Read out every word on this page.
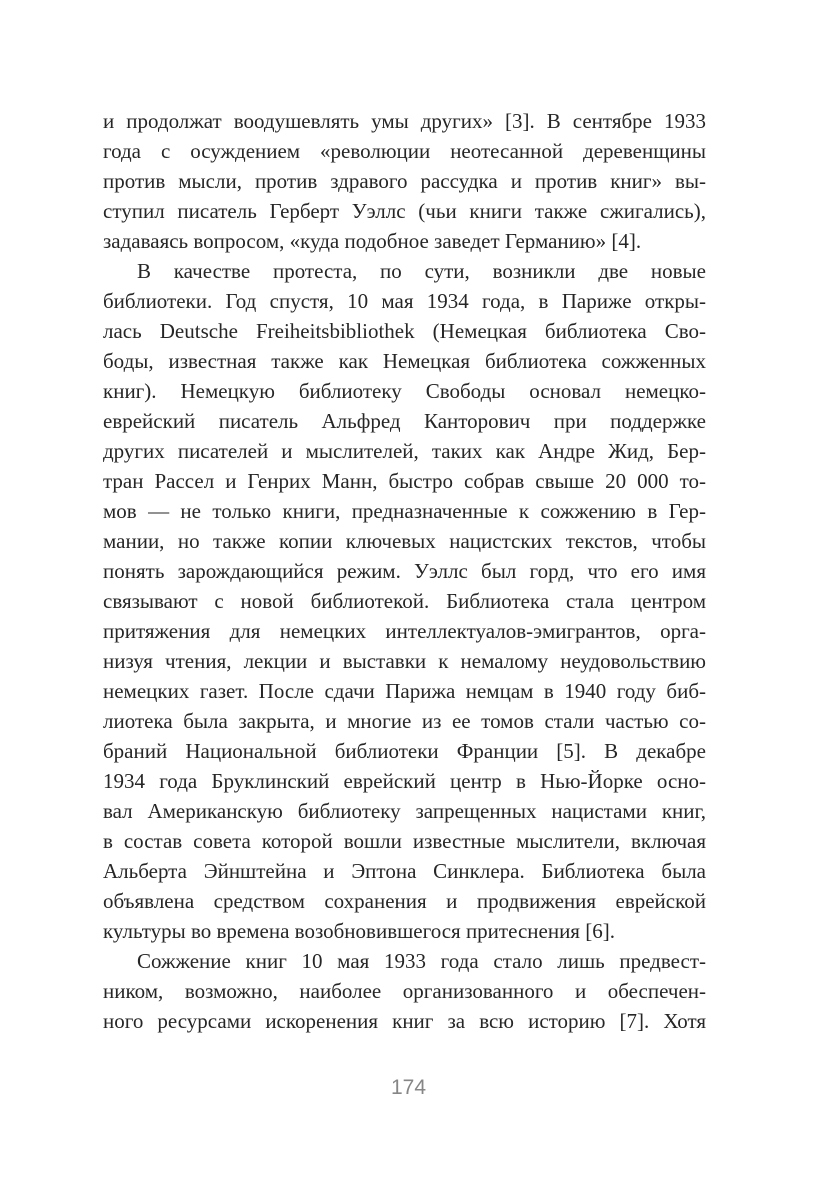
и продолжат воодушевлять умы других» [3]. В сентябре 1933
года с осуждением «революции неотесанной деревенщины
против мысли, против здравого рассудка и против книг» вы-
ступил писатель Герберт Уэллс (чьи книги также сжигались),
задаваясь вопросом, «куда подобное заведет Германию» [4].
В качестве протеста, по сути, возникли две новые
библиотеки. Год спустя, 10 мая 1934 года, в Париже откры-
лась Deutsche Freiheitsbibliothek (Немецкая библиотека Сво-
боды, известная также как Немецкая библиотека сожженных
книг). Немецкую библиотеку Свободы основал немецко-
еврейский писатель Альфред Канторович при поддержке
других писателей и мыслителей, таких как Андре Жид, Бер-
тран Рассел и Генрих Манн, быстро собрав свыше 20 000 то-
мов — не только книги, предназначенные к сожжению в Гер-
мании, но также копии ключевых нацистских текстов, чтобы
понять зарождающийся режим. Уэллс был горд, что его имя
связывают с новой библиотекой. Библиотека стала центром
притяжения для немецких интеллектуалов-эмигрантов, орга-
низуя чтения, лекции и выставки к немалому неудовольствию
немецких газет. После сдачи Парижа немцам в 1940 году биб-
лиотека была закрыта, и многие из ее томов стали частью со-
браний Национальной библиотеки Франции [5]. В декабре
1934 года Бруклинский еврейский центр в Нью-Йорке осно-
вал Американскую библиотеку запрещенных нацистами книг,
в состав совета которой вошли известные мыслители, включая
Альберта Эйнштейна и Эптона Синклера. Библиотека была
объявлена средством сохранения и продвижения еврейской
культуры во времена возобновившегося притеснения [6].
Сожжение книг 10 мая 1933 года стало лишь предвест-
ником, возможно, наиболее организованного и обеспечен-
ного ресурсами искоренения книг за всю историю [7]. Хотя
174
